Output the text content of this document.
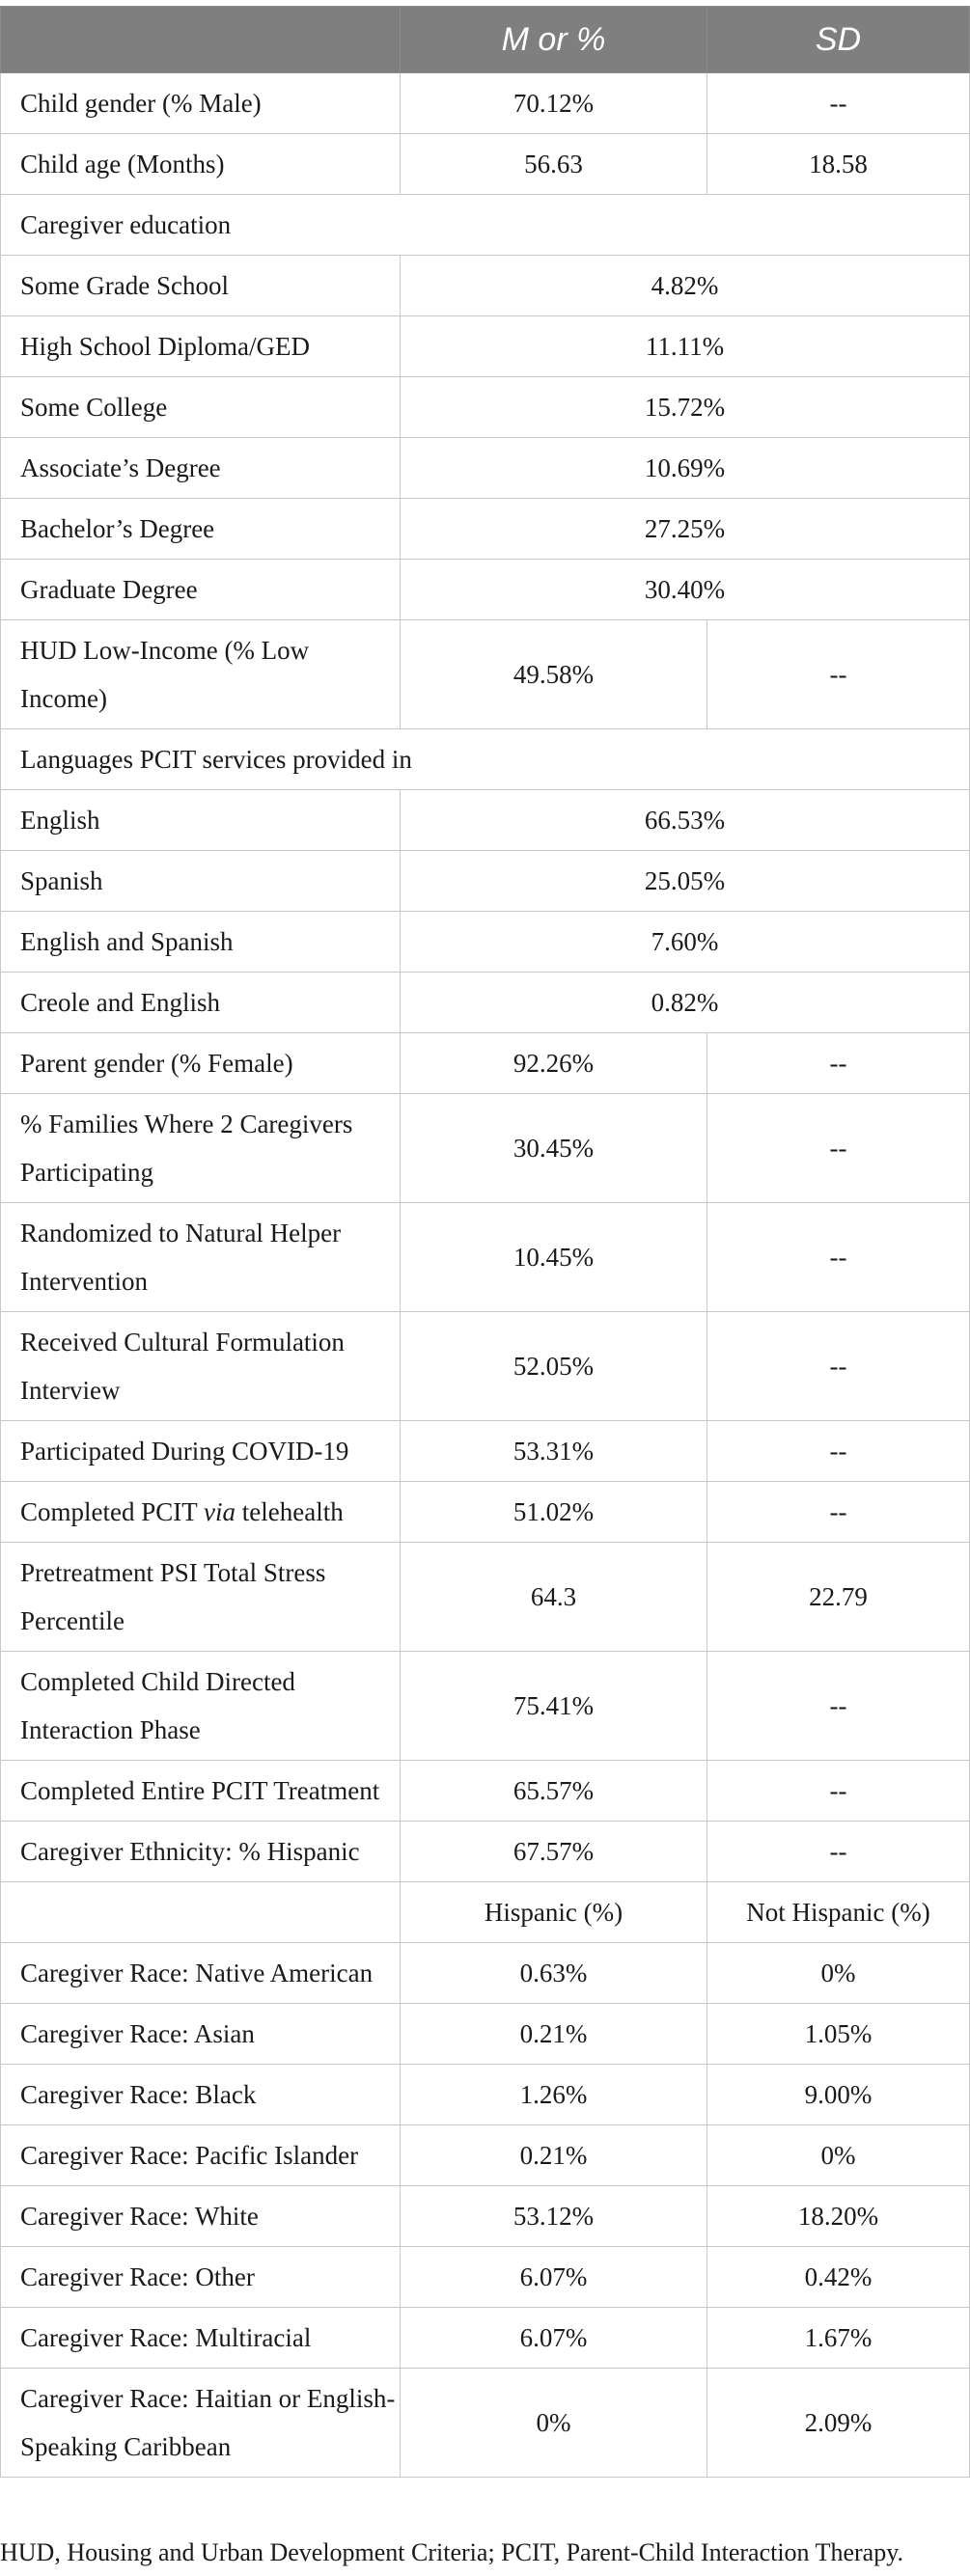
	M or %	SD
Child gender (% Male)	70.12%	--
Child age (Months)	56.63	18.58
Caregiver education		
Some Grade School	4.82%	
High School Diploma/GED	11.11%	
Some College	15.72%	
Associate’s Degree	10.69%	
Bachelor’s Degree	27.25%	
Graduate Degree	30.40%	
HUD Low-Income (% Low Income)	49.58%	--
Languages PCIT services provided in		
English	66.53%	
Spanish	25.05%	
English and Spanish	7.60%	
Creole and English	0.82%	
Parent gender (% Female)	92.26%	--
% Families Where 2 Caregivers Participating	30.45%	--
Randomized to Natural Helper Intervention	10.45%	--
Received Cultural Formulation Interview	52.05%	--
Participated During COVID-19	53.31%	--
Completed PCIT via telehealth	51.02%	--
Pretreatment PSI Total Stress Percentile	64.3	22.79
Completed Child Directed Interaction Phase	75.41%	--
Completed Entire PCIT Treatment	65.57%	--
Caregiver Ethnicity: % Hispanic	67.57%	--
	Hispanic (%)	Not Hispanic (%)
Caregiver Race: Native American	0.63%	0%
Caregiver Race: Asian	0.21%	1.05%
Caregiver Race: Black	1.26%	9.00%
Caregiver Race: Pacific Islander	0.21%	0%
Caregiver Race: White	53.12%	18.20%
Caregiver Race: Other	6.07%	0.42%
Caregiver Race: Multiracial	6.07%	1.67%
Caregiver Race: Haitian or English-Speaking Caribbean	0%	2.09%
HUD, Housing and Urban Development Criteria; PCIT, Parent-Child Interaction Therapy.
